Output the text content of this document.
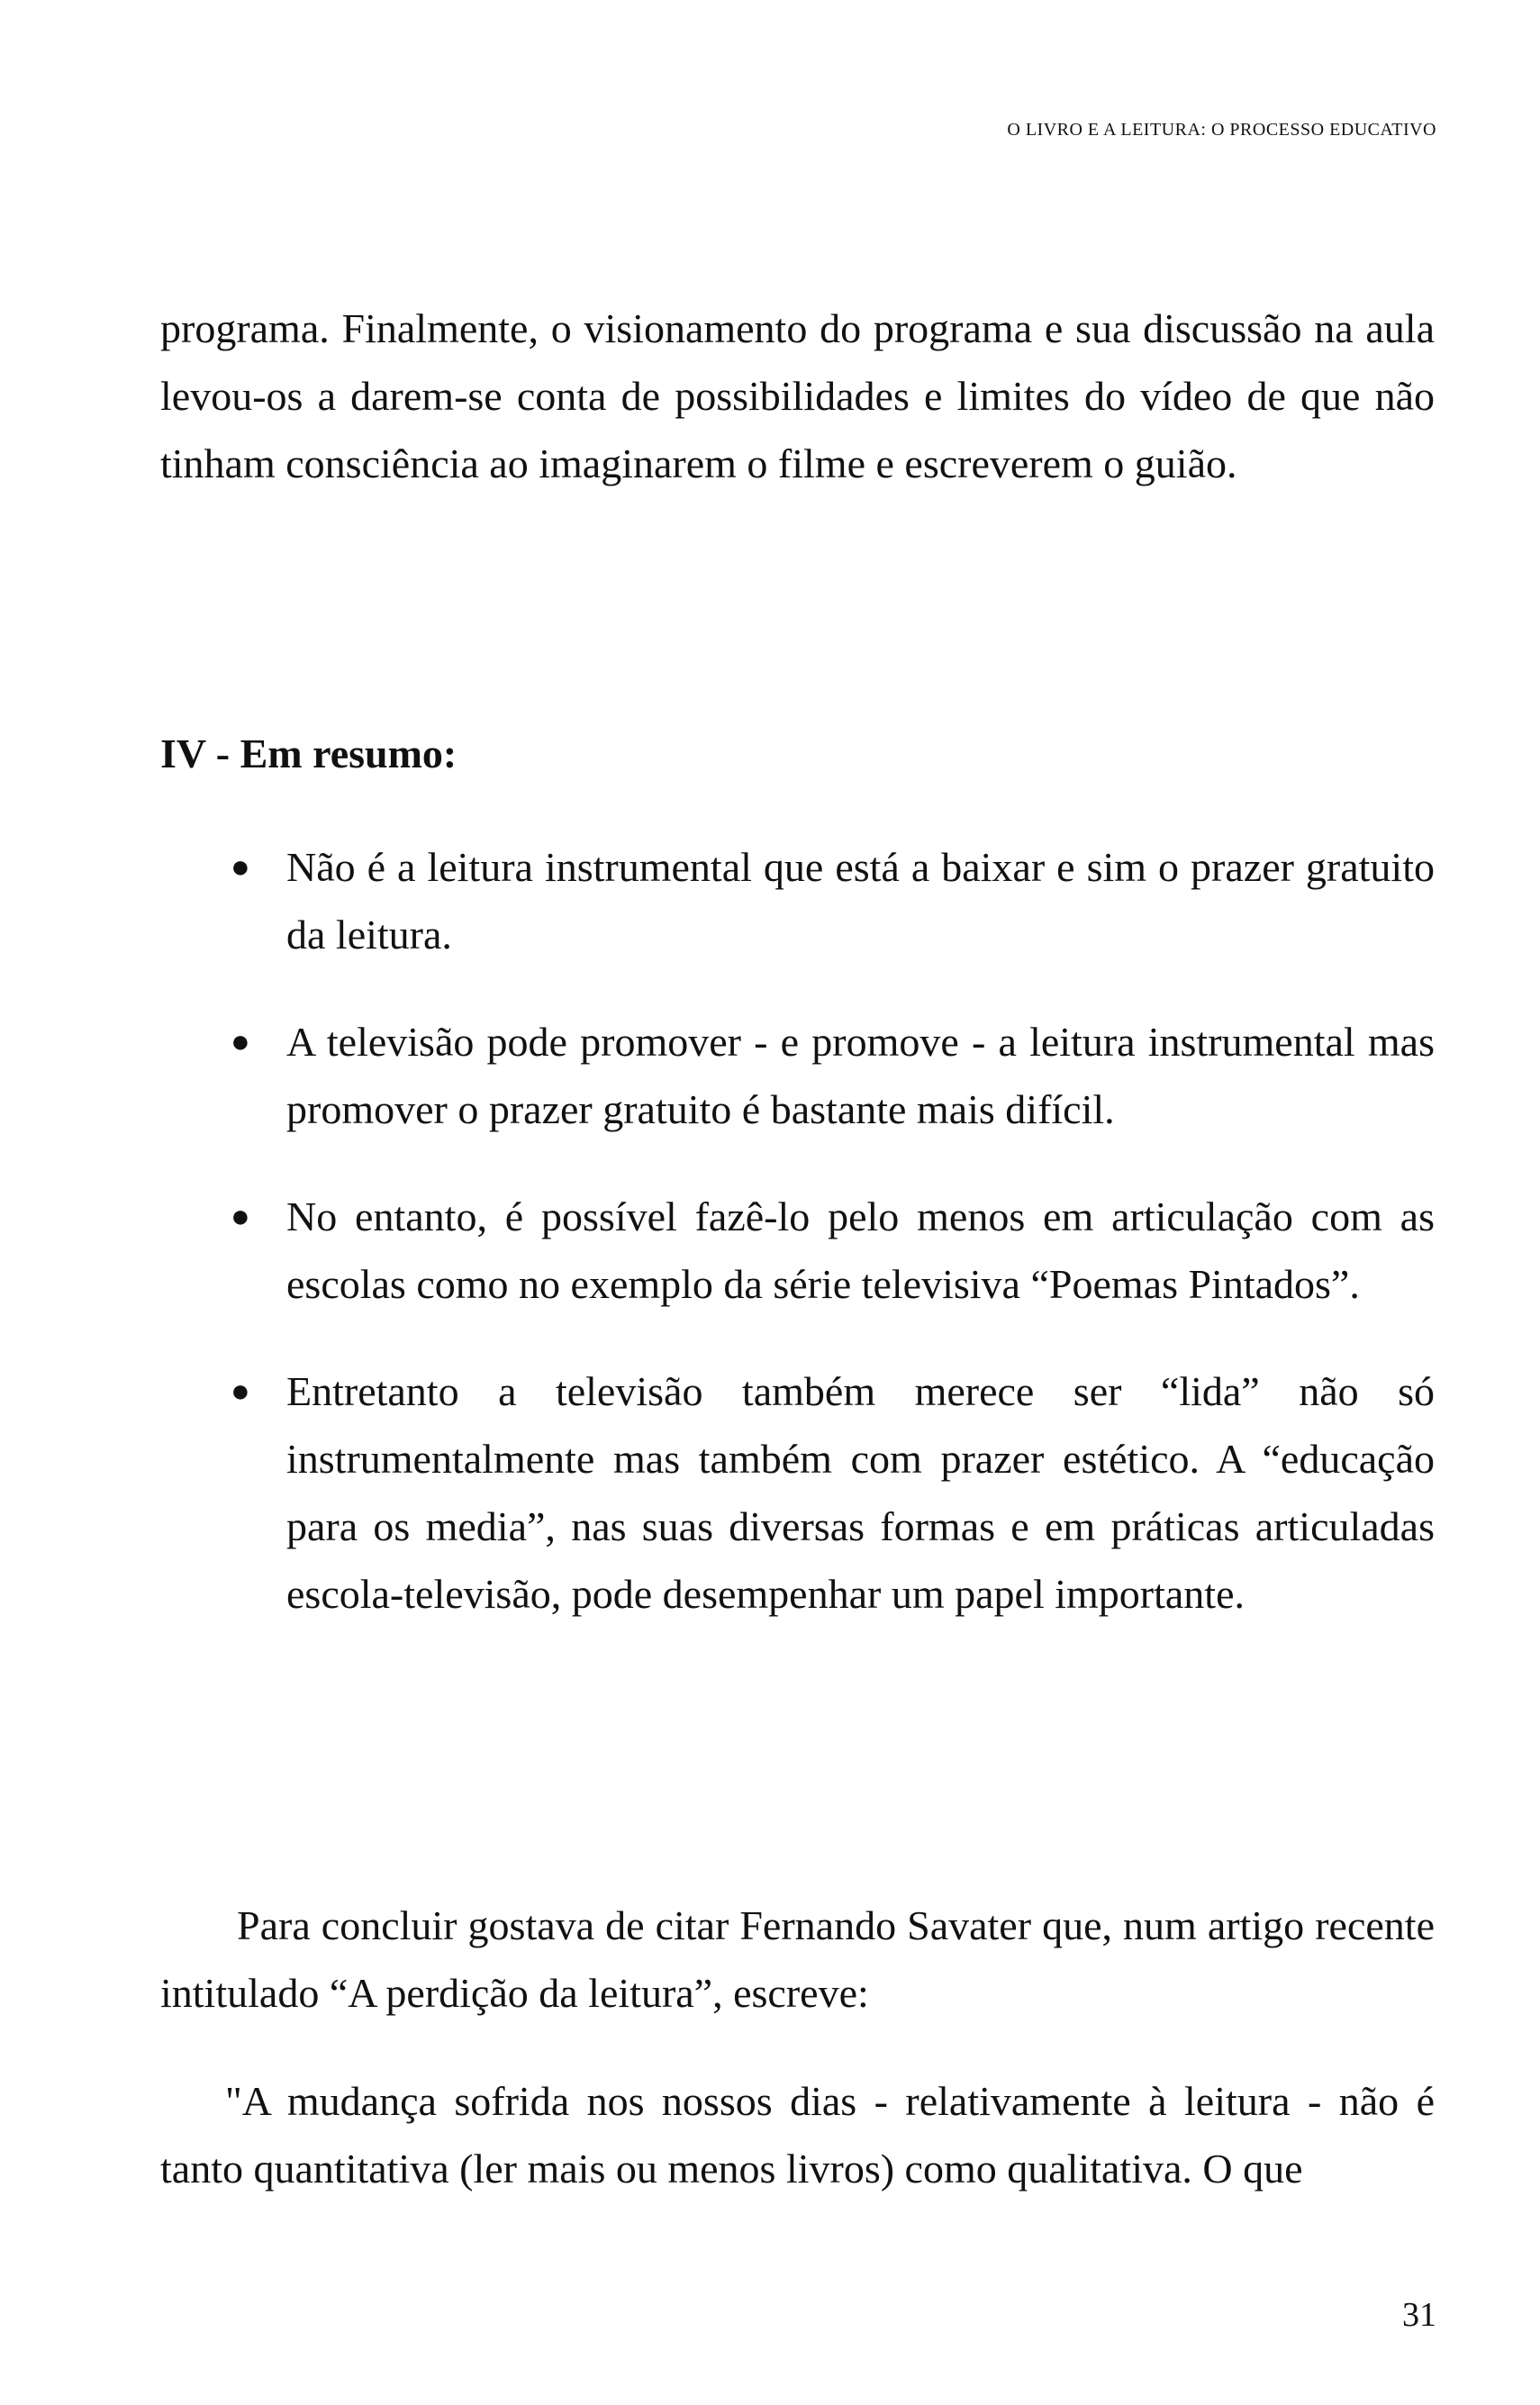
O LIVRO E A LEITURA: O PROCESSO EDUCATIVO

programa. Finalmente, o visionamento do programa e sua discussão na aula levou-os a darem-se conta de possibilidades e limites do vídeo de que não tinham consciência ao imaginarem o filme e escreverem o guião.

IV - Em resumo:
● Não é a leitura instrumental que está a baixar e sim o prazer gratuito da leitura.
● A televisão pode promover - e promove - a leitura instrumental mas promover o prazer gratuito é bastante mais difícil.
● No entanto, é possível fazê-lo pelo menos em articulação com as escolas como no exemplo da série televisiva “Poemas Pintados”.
● Entretanto a televisão também merece ser “lida” não só instrumentalmente mas também com prazer estético. A “educação para os media”, nas suas diversas formas e em práticas articuladas escola-televisão, pode desempenhar um papel importante.

Para concluir gostava de citar Fernando Savater que, num artigo recente intitulado “A perdição da leitura”, escreve:

"A mudança sofrida nos nossos dias - relativamente à leitura - não é tanto quantitativa (ler mais ou menos livros) como qualitativa. O que

31
